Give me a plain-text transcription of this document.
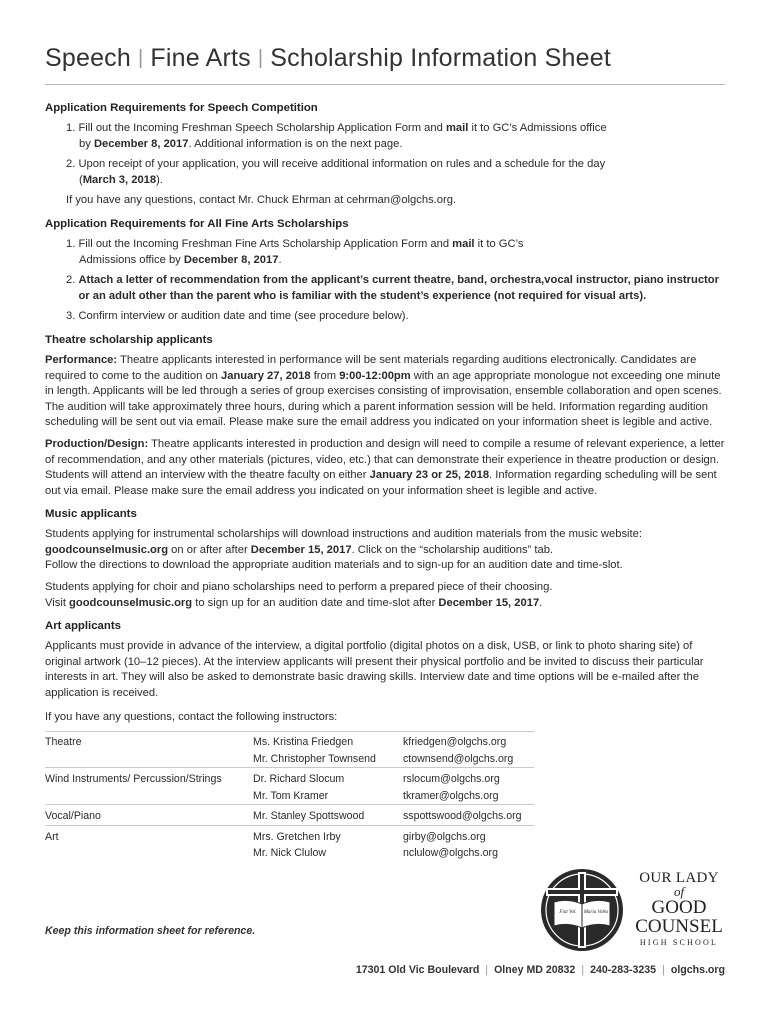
Speech | Fine Arts | Scholarship Information Sheet
Application Requirements for Speech Competition
1. Fill out the Incoming Freshman Speech Scholarship Application Form and mail it to GC’s Admissions office
by December 8, 2017. Additional information is on the next page.
2. Upon receipt of your application, you will receive additional information on rules and a schedule for the day
(March 3, 2018).

If you have any questions, contact Mr. Chuck Ehrman at cehrman@olgchs.org.

Application Requirements for All Fine Arts Scholarships
1. Fill out the Incoming Freshman Fine Arts Scholarship Application Form and mail it to GC’s
Admissions office by December 8, 2017.
2. Attach a letter of recommendation from the applicant’s current theatre, band, orchestra,vocal instructor, piano instructor or an adult other than the parent who is familiar with the student’s experience (not required for visual arts).
3. Confirm interview or audition date and time (see procedure below).
Theatre scholarship applicants

Performance: Theatre applicants interested in performance will be sent materials regarding auditions electronically. Candidates are required to come to the audition on January 27, 2018 from 9:00-12:00pm with an age appropriate monologue not exceeding one minute in length. Applicants will be led through a series of group exercises consisting of improvisation, ensemble collaboration and open scenes. The audition will take approximately three hours, during which a parent information session will be held. Information regarding audition scheduling will be sent out via email. Please make sure the email address you indicated on your information sheet is legible and active.

Production/Design: Theatre applicants interested in production and design will need to compile a resume of relevant experience, a letter of recommendation, and any other materials (pictures, video, etc.) that can demonstrate their experience in theatre production or design. Students will attend an interview with the theatre faculty on either January 23 or 25, 2018. Information regarding scheduling will be sent out via email. Please make sure the email address you indicated on your information sheet is legible and active.

Music applicants

Students applying for instrumental scholarships will download instructions and audition materials from the music website: goodcounselmusic.org on or after after December 15, 2017. Click on the “scholarship auditions” tab.
Follow the directions to download the appropriate audition materials and to sign-up for an audition date and time-slot.

Students applying for choir and piano scholarships need to perform a prepared piece of their choosing.
Visit goodcounselmusic.org to sign up for an audition date and time-slot after December 15, 2017.

Art applicants

Applicants must provide in advance of the interview, a digital portfolio (digital photos on a disk, USB, or link to photo sharing site) of original artwork (10–12 pieces). At the interview applicants will present their physical portfolio and be invited to discuss their particular interests in art. They will also be asked to demonstrate basic drawing skills. Interview date and time options will be e-mailed after the application is received.

If you have any questions, contact the following instructors:

Theatre	Ms. Kristina Friedgen	kfriedgen@olgchs.org
	Mr. Christopher Townsend	ctownsend@olgchs.org
Wind Instruments/ Percussion/Strings	Dr. Richard Slocum	rslocum@olgchs.org
	Mr. Tom Kramer	tkramer@olgchs.org
Vocal/Piano	Mr. Stanley Spottswood	sspottswood@olgchs.org
Art	Mrs. Gretchen Irby	girby@olgchs.org
	Mr. Nick Clulow	nclulow@olgchs.org
Keep this information sheet for reference.
Fiat Vol. Maria Vobis
OUR LADY
of
GOOD
COUNSEL
HIGH SCHOOL
17301 Old Vic Boulevard | Olney MD 20832 | 240-283-3235 | olgchs.org
